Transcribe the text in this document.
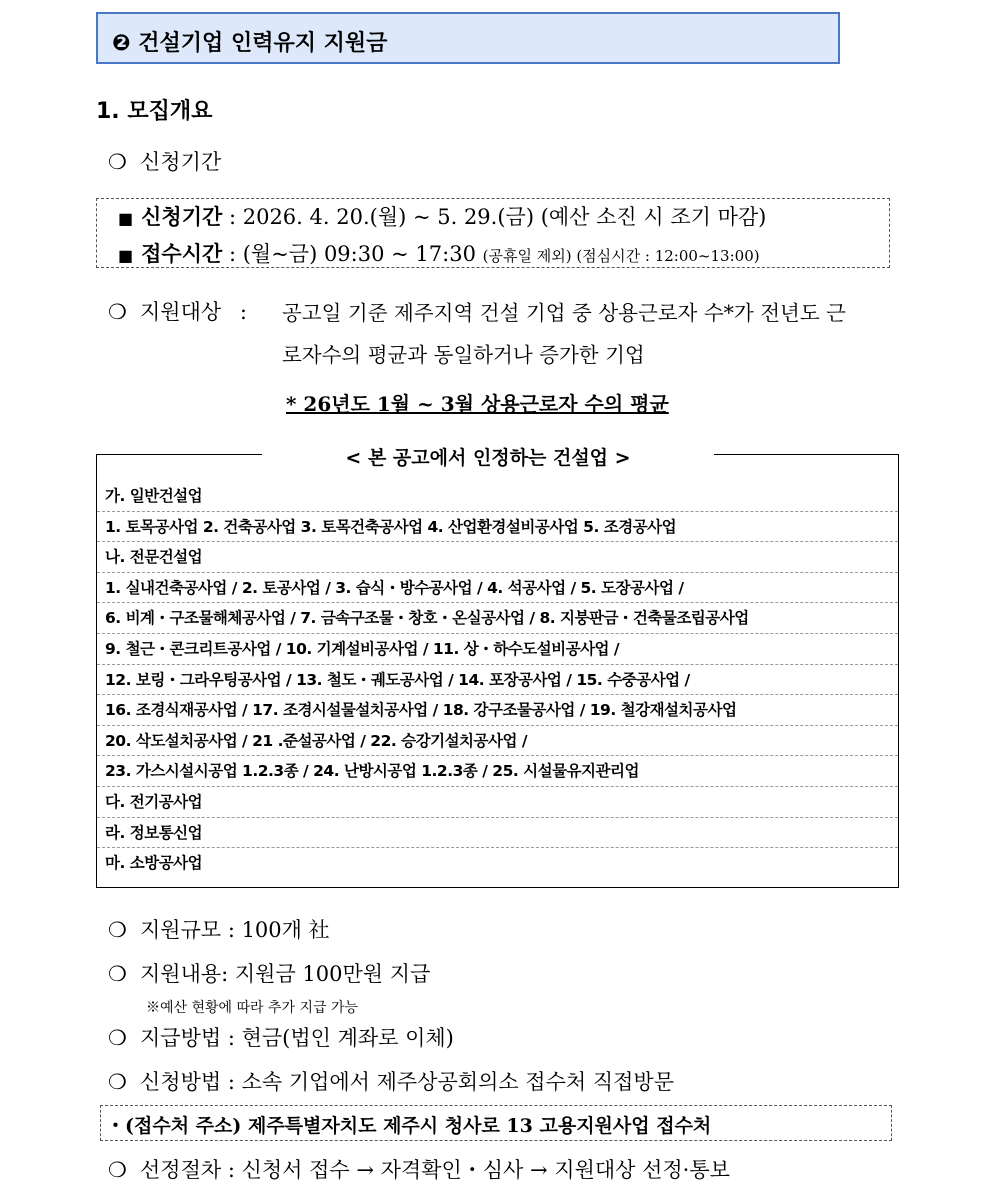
❷ 건설기업 인력유지 지원금
1. 모집개요
❍ 신청기간
■ 신청기간 : 2026. 4. 20.(월) ~ 5. 29.(금) (예산 소진 시 조기 마감)
■ 접수시간 : (월~금) 09:30 ~ 17:30 (공휴일 제외) (점심시간 : 12:00~13:00)
❍ 지원대상 : 공고일 기준 제주지역 건설 기업 중 상용근로자 수*가 전년도 근
로자수의 평균과 동일하거나 증가한 기업
* 26년도 1월 ~ 3월 상용근로자 수의 평균
가. 일반건설업
1. 토목공사업 2. 건축공사업 3. 토목건축공사업 4. 산업환경설비공사업 5. 조경공사업
나. 전문건설업
1. 실내건축공사업 / 2. 토공사업 / 3. 습식・방수공사업 / 4. 석공사업 / 5. 도장공사업 /
6. 비계・구조물해체공사업 / 7. 금속구조물・창호・온실공사업 / 8. 지붕판금・건축물조립공사업
9. 철근・콘크리트공사업 / 10. 기계설비공사업 / 11. 상・하수도설비공사업 /
12. 보링・그라우팅공사업 / 13. 철도・궤도공사업 / 14. 포장공사업 / 15. 수중공사업 /
16. 조경식재공사업 / 17. 조경시설물설치공사업 / 18. 강구조물공사업 / 19. 철강재설치공사업
20. 삭도설치공사업 / 21 .준설공사업 / 22. 승강기설치공사업 /
23. 가스시설시공업 1.2.3종 / 24. 난방시공업 1.2.3종 / 25. 시설물유지관리업
다. 전기공사업
라. 정보통신업
마. 소방공사업
< 본 공고에서 인정하는 건설업 >
❍ 지원규모 : 100개 社
❍ 지원내용: 지원금 100만원 지급
※예산 현황에 따라 추가 지급 가능
❍ 지급방법 : 현금(법인 계좌로 이체)
❍ 신청방법 : 소속 기업에서 제주상공회의소 접수처 직접방문
・(접수처 주소) 제주특별자치도 제주시 청사로 13 고용지원사업 접수처
❍ 선정절차 : 신청서 접수 → 자격확인・심사 → 지원대상 선정·통보
